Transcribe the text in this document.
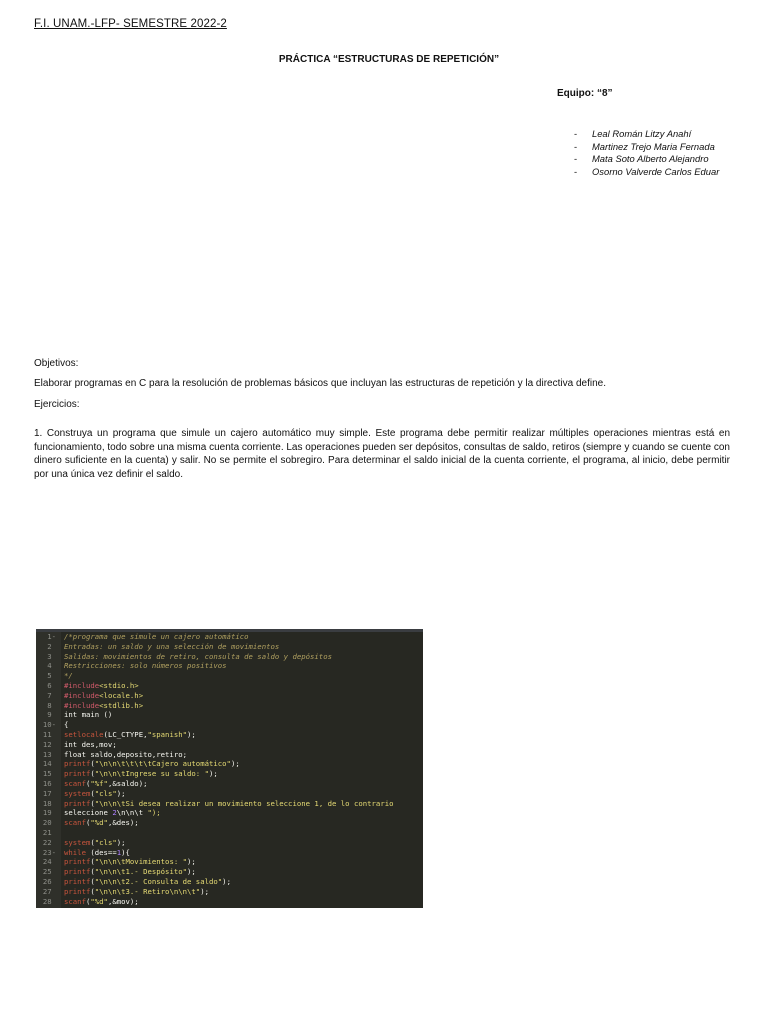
F.I. UNAM.-LFP- SEMESTRE 2022-2
PRÁCTICA “ESTRUCTURAS DE REPETICIÓN”
Equipo: “8”
- Leal Román Litzy Anahí
- Martinez Trejo Maria Fernada
- Mata Soto Alberto Alejandro
- Osorno Valverde Carlos Eduar
Objetivos:
Elaborar programas en C para la resolución de problemas básicos que incluyan las estructuras de repetición y la directiva define.
Ejercicios:
1. Construya un programa que simule un cajero automático muy simple. Este programa debe permitir realizar múltiples operaciones mientras está en funcionamiento, todo sobre una misma cuenta corriente. Las operaciones pueden ser depósitos, consultas de saldo, retiros (siempre y cuando se cuente con dinero suficiente en la cuenta) y salir. No se permite el sobregiro. Para determinar el saldo inicial de la cuenta corriente, el programa, al inicio, debe permitir por una única vez definir el saldo.
1- /*programa que simule un cajero automático
2 Entradas: un saldo y una selección de movimientos
3 Salidas: movimientos de retiro, consulta de saldo y depósitos
4 Restricciones: solo números positivos
5 */
6 #include<stdio.h>
7 #include<locale.h>
8 #include<stdlib.h>
9 int main ()
10- {
11 setlocale(LC_CTYPE,"spanish");
12 int des,mov;
13 float saldo,deposito,retiro;
14 printf("\n\n\t\t\t\tCajero automático");
15 printf("\n\n\tIngrese su saldo: ");
16 scanf("%f",&saldo);
17 system("cls");
18 printf("\n\n\tSi desea realizar un movimiento seleccione 1, de lo contrario
19 seleccione 2\n\n\t ");
20 scanf("%d",&des);
21
22 system("cls");
23- while (des==1){
24 printf("\n\n\tMovimientos: ");
25 printf("\n\n\t1.- Despósito");
26 printf("\n\n\t2.- Consulta de saldo");
27 printf("\n\n\t3.- Retiro\n\n\t");
28 scanf("%d",&mov);
